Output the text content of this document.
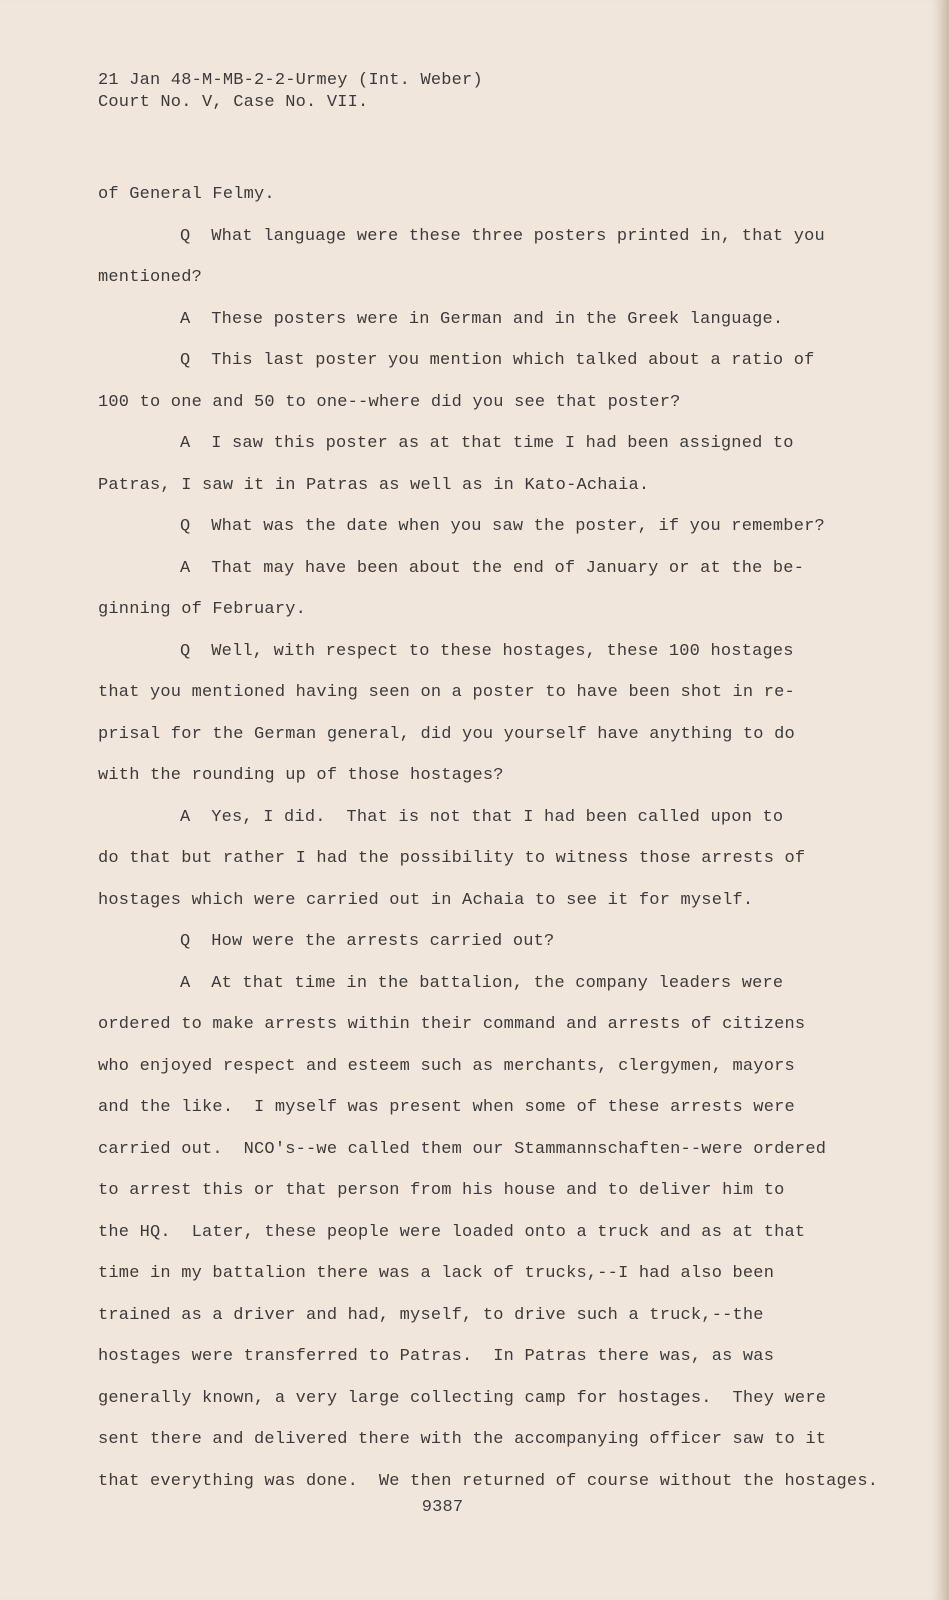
21 Jan 48-M-MB-2-2-Urmey (Int. Weber)
Court No. V, Case No. VII.
of General Felmy.
Q  What language were these three posters printed in, that you
mentioned?
A  These posters were in German and in the Greek language.
Q  This last poster you mention which talked about a ratio of
100 to one and 50 to one--where did you see that poster?
A  I saw this poster as at that time I had been assigned to
Patras, I saw it in Patras as well as in Kato-Achaia.
Q  What was the date when you saw the poster, if you remember?
A  That may have been about the end of January or at the be-
ginning of February.
Q  Well, with respect to these hostages, these 100 hostages
that you mentioned having seen on a poster to have been shot in re-
prisal for the German general, did you yourself have anything to do
with the rounding up of those hostages?
A  Yes, I did.  That is not that I had been called upon to
do that but rather I had the possibility to witness those arrests of
hostages which were carried out in Achaia to see it for myself.
Q  How were the arrests carried out?
A  At that time in the battalion, the company leaders were
ordered to make arrests within their command and arrests of citizens
who enjoyed respect and esteem such as merchants, clergymen, mayors
and the like.  I myself was present when some of these arrests were
carried out.  NCO's--we called them our Stammannschaften--were ordered
to arrest this or that person from his house and to deliver him to
the HQ.  Later, these people were loaded onto a truck and as at that
time in my battalion there was a lack of trucks,--I had also been
trained as a driver and had, myself, to drive such a truck,--the
hostages were transferred to Patras.  In Patras there was, as was
generally known, a very large collecting camp for hostages.  They were
sent there and delivered there with the accompanying officer saw to it
that everything was done.  We then returned of course without the hostages.
9387
